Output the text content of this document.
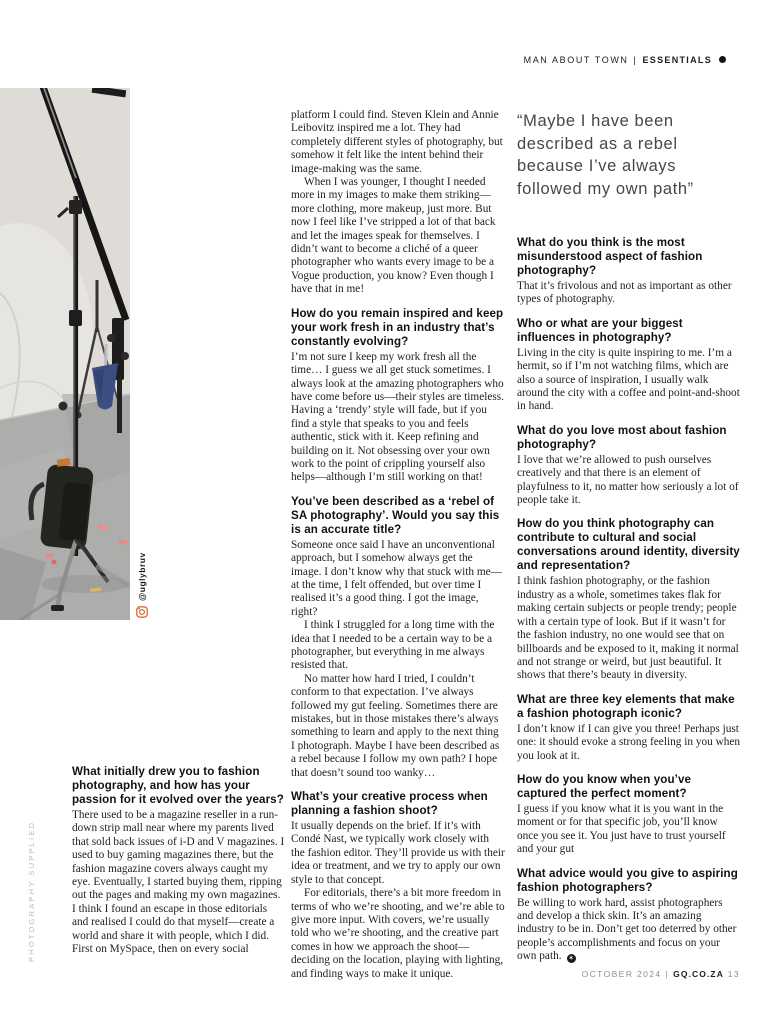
MAN ABOUT TOWN | ESSENTIALS
@uglybruv
PHOTOGRAPHY SUPPLIED
“Maybe I have been described as a rebel because I’ve always followed my own path”
What initially drew you to fashion photography, and how has your passion for it evolved over the years?

There used to be a magazine reseller in a run-down strip mall near where my parents lived that sold back issues of i-D and V magazines. I used to buy gaming magazines there, but the fashion magazine covers always caught my eye. Eventually, I started buying them, ripping out the pages and making my own magazines. I think I found an escape in those editorials and realised I could do that myself—create a world and share it with people, which I did. First on MySpace, then on every social

platform I could find. Steven Klein and Annie Leibovitz inspired me a lot. They had completely different styles of photography, but somehow it felt like the intent behind their image-making was the same.

When I was younger, I thought I needed more in my images to make them striking—more clothing, more makeup, just more. But now I feel like I’ve stripped a lot of that back and let the images speak for themselves. I didn’t want to become a cliché of a queer photographer who wants every image to be a Vogue production, you know? Even though I have that in me!

How do you remain inspired and keep your work fresh in an industry that’s constantly evolving?

I’m not sure I keep my work fresh all the time… I guess we all get stuck sometimes. I always look at the amazing photographers who have come before us—their styles are timeless. Having a ‘trendy’ style will fade, but if you find a style that speaks to you and feels authentic, stick with it. Keep refining and building on it. Not obsessing over your own work to the point of crippling yourself also helps—although I’m still working on that!

You’ve been described as a ‘rebel of SA photography’. Would you say this is an accurate title?

Someone once said I have an unconventional approach, but I somehow always get the image. I don’t know why that stuck with me—at the time, I felt offended, but over time I realised it’s a good thing. I got the image, right?

I think I struggled for a long time with the idea that I needed to be a certain way to be a photographer, but everything in me always resisted that.

No matter how hard I tried, I couldn’t conform to that expectation. I’ve always followed my gut feeling. Sometimes there are mistakes, but in those mistakes there’s always something to learn and apply to the next thing I photograph. Maybe I have been described as a rebel because I follow my own path? I hope that doesn’t sound too wanky…

What’s your creative process when planning a fashion shoot?

It usually depends on the brief. If it’s with Condé Nast, we typically work closely with the fashion editor. They’ll provide us with their idea or treatment, and we try to apply our own style to that concept.

For editorials, there’s a bit more freedom in terms of who we’re shooting, and we’re able to give more input. With covers, we’re usually told who we’re shooting, and the creative part comes in how we approach the shoot—deciding on the location, playing with lighting, and finding ways to make it unique.

What do you think is the most misunderstood aspect of fashion photography?

That it’s frivolous and not as important as other types of photography.

Who or what are your biggest influences in photography?

Living in the city is quite inspiring to me. I’m a hermit, so if I’m not watching films, which are also a source of inspiration, I usually walk around the city with a coffee and point-and-shoot in hand.

What do you love most about fashion photography?

I love that we’re allowed to push ourselves creatively and that there is an element of playfulness to it, no matter how seriously a lot of people take it.

How do you think photography can contribute to cultural and social conversations around identity, diversity and representation?

I think fashion photography, or the fashion industry as a whole, sometimes takes flak for making certain subjects or people trendy; people with a certain type of look. But if it wasn’t for the fashion industry, no one would see that on billboards and be exposed to it, making it normal and not strange or weird, but just beautiful. It shows that there’s beauty in diversity.

What are three key elements that make a fashion photograph iconic?

I don’t know if I can give you three! Perhaps just one: it should evoke a strong feeling in you when you look at it.

How do you know when you’ve captured the perfect moment?

I guess if you know what it is you want in the moment or for that specific job, you’ll know once you see it. You just have to trust yourself and your gut

What advice would you give to aspiring fashion photographers?

Be willing to work hard, assist photographers and develop a thick skin. It’s an amazing industry to be in. Don’t get too deterred by other people’s accomplishments and focus on your own path. ✶

OCTOBER 2024 | GQ.CO.ZA 13
